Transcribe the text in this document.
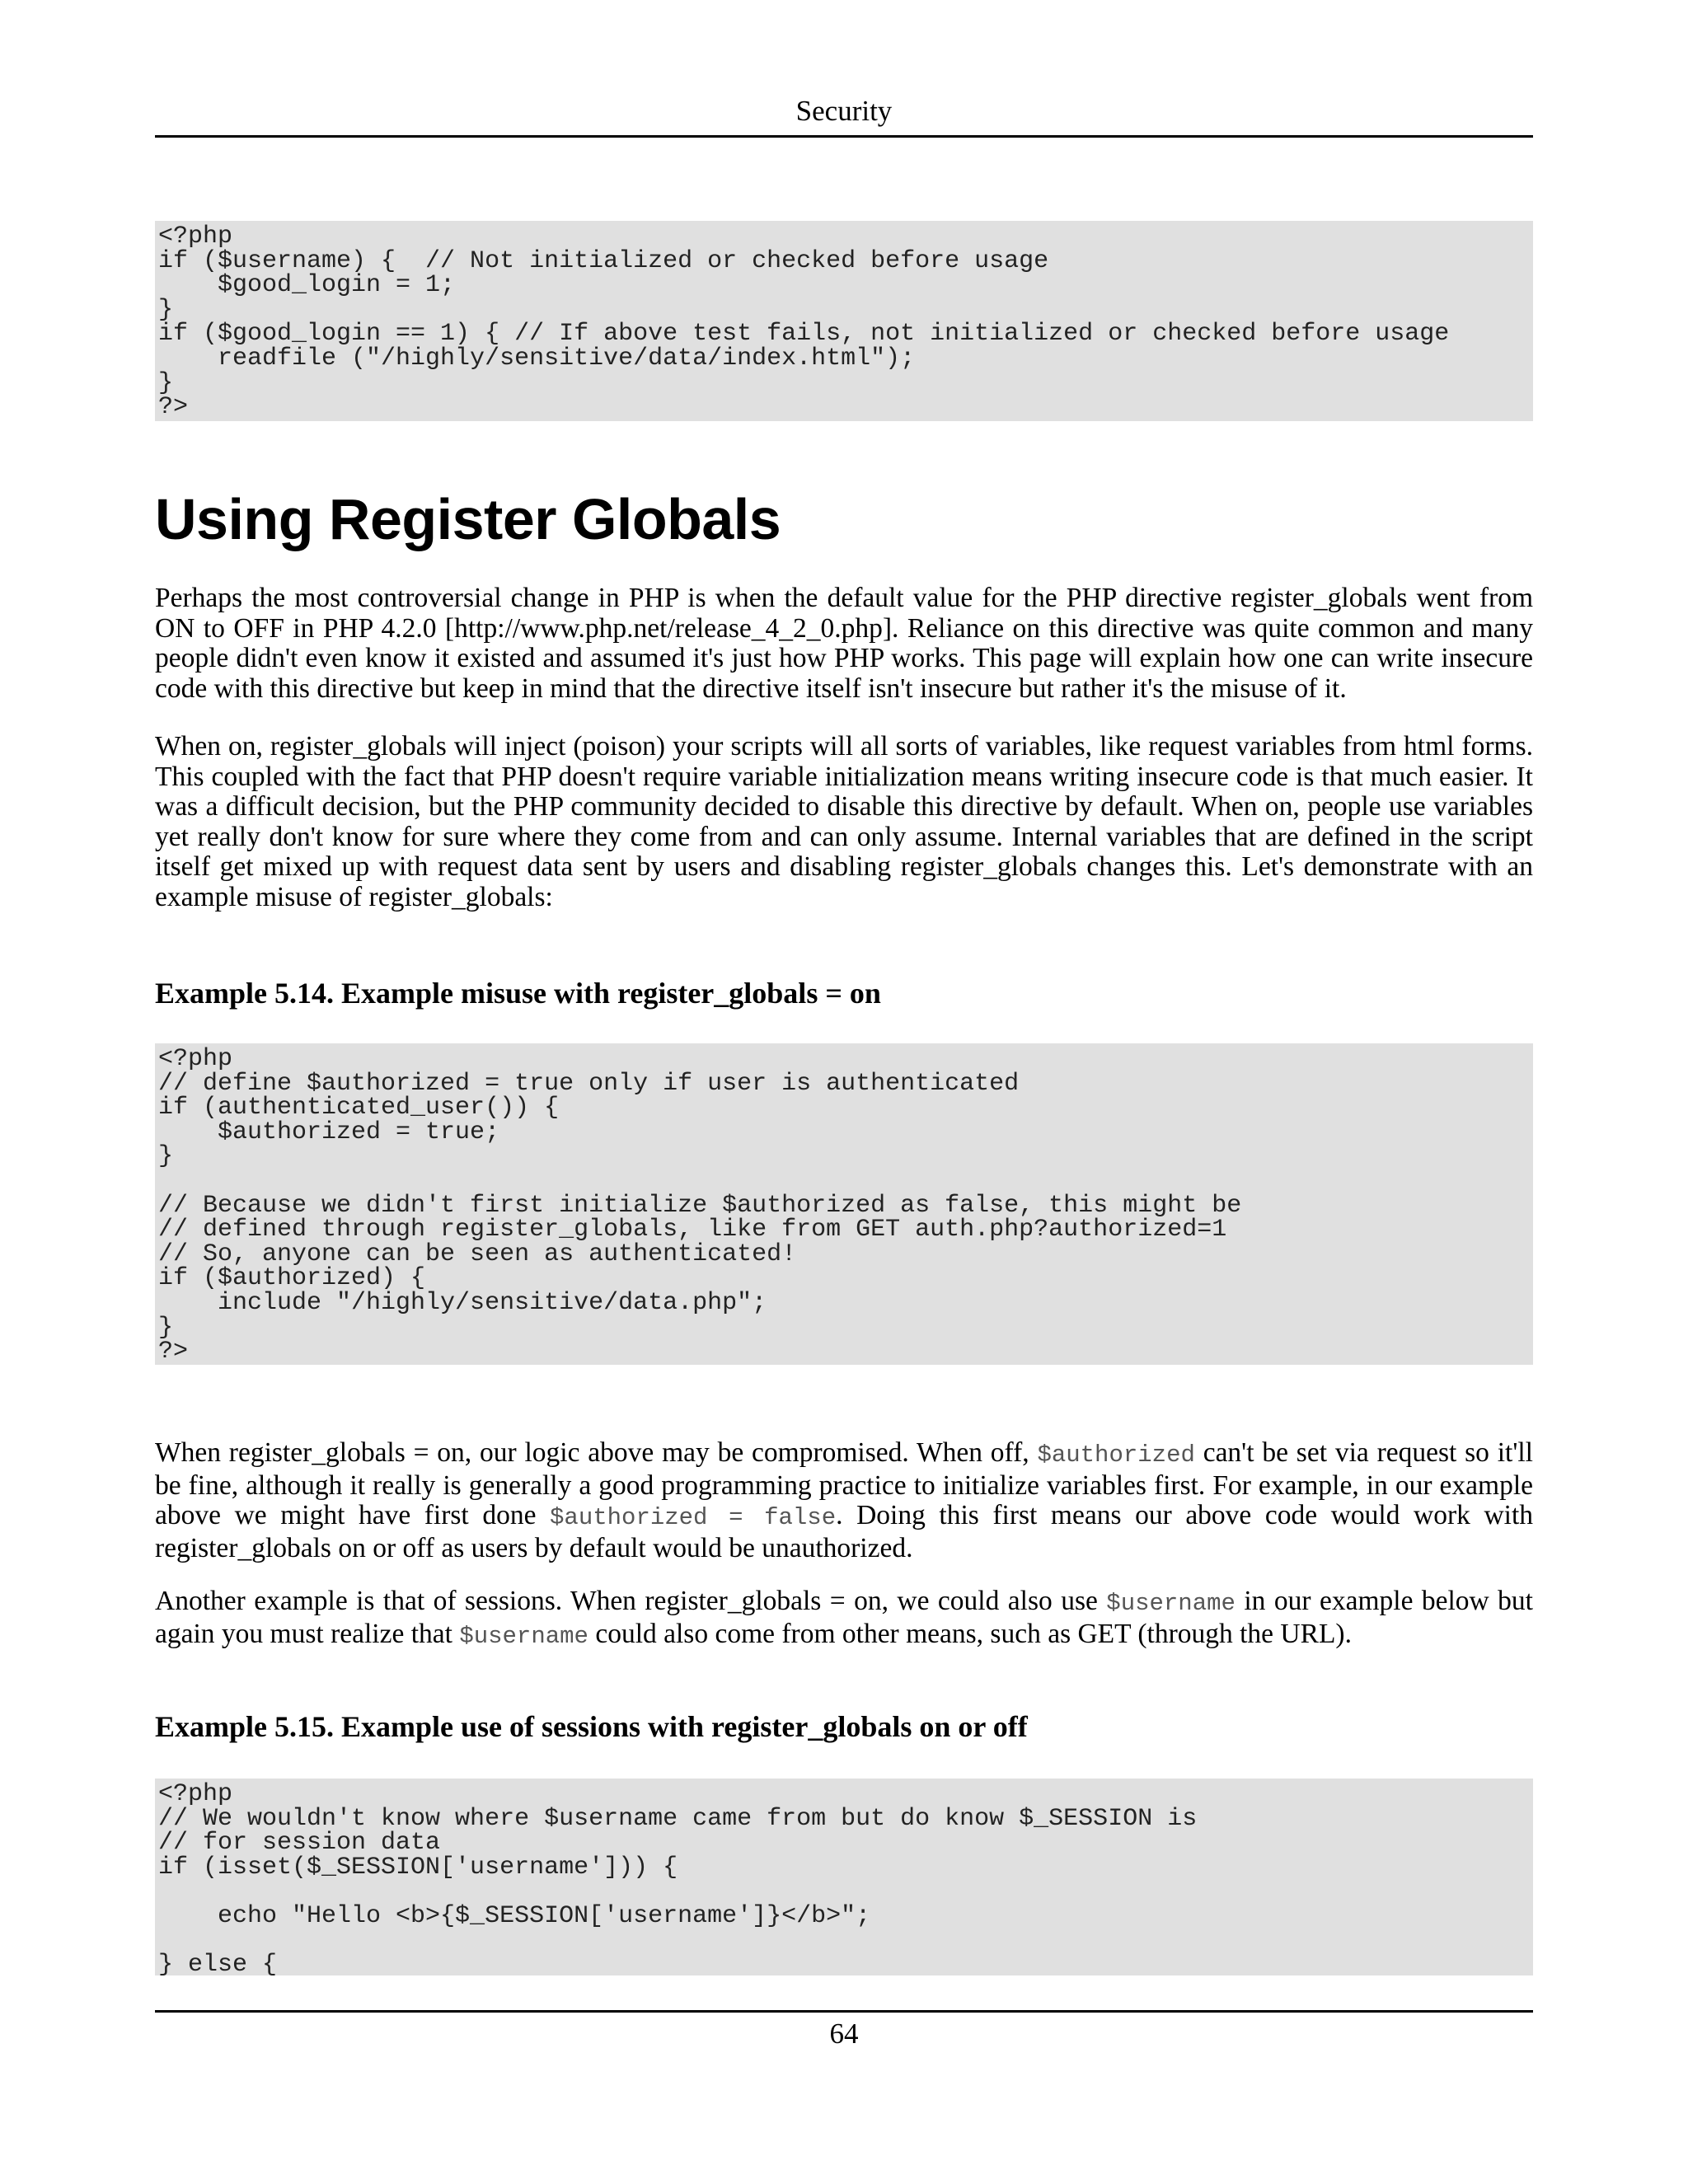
Security
<?php
if ($username) {  // Not initialized or checked before usage
$good_login = 1;
}
if ($good_login == 1) { // If above test fails, not initialized or checked before usage
readfile ("/highly/sensitive/data/index.html");
}
?>
Using Register Globals

Perhaps the most controversial change in PHP is when the default value for the PHP directive register_globals went from ON to OFF in PHP 4.2.0 [http://www.php.net/release_4_2_0.php]. Reliance on this directive was quite common and many people didn't even know it existed and assumed it's just how PHP works. This page will explain how one can write insecure code with this directive but keep in mind that the directive itself isn't insecure but rather it's the misuse of it.

When on, register_globals will inject (poison) your scripts will all sorts of variables, like request variables from html forms. This coupled with the fact that PHP doesn't require variable initialization means writing insecure code is that much easier. It was a difficult decision, but the PHP community decided to disable this directive by default. When on, people use variables yet really don't know for sure where they come from and can only assume. Internal variables that are defined in the script itself get mixed up with request data sent by users and disabling register_globals changes this. Let's demonstrate with an example misuse of register_globals:

Example 5.14. Example misuse with register_globals = on
<?php
// define $authorized = true only if user is authenticated
if (authenticated_user()) {
$authorized = true;
}

// Because we didn't first initialize $authorized as false, this might be
// defined through register_globals, like from GET auth.php?authorized=1
// So, anyone can be seen as authenticated!
if ($authorized) {
include "/highly/sensitive/data.php";
}
?>

When register_globals = on, our logic above may be compromised. When off, $authorized can't be set via request so it'll be fine, although it really is generally a good programming practice to initialize variables first. For example, in our example above we might have first done $authorized = false. Doing this first means our above code would work with register_globals on or off as users by default would be unauthorized.

Another example is that of sessions. When register_globals = on, we could also use $username in our example below but again you must realize that $username could also come from other means, such as GET (through the URL).

Example 5.15. Example use of sessions with register_globals on or off
<?php
// We wouldn't know where $username came from but do know $_SESSION is
// for session data
if (isset($_SESSION['username'])) {

echo "Hello <b>{$_SESSION['username']}</b>";

} else {
64
